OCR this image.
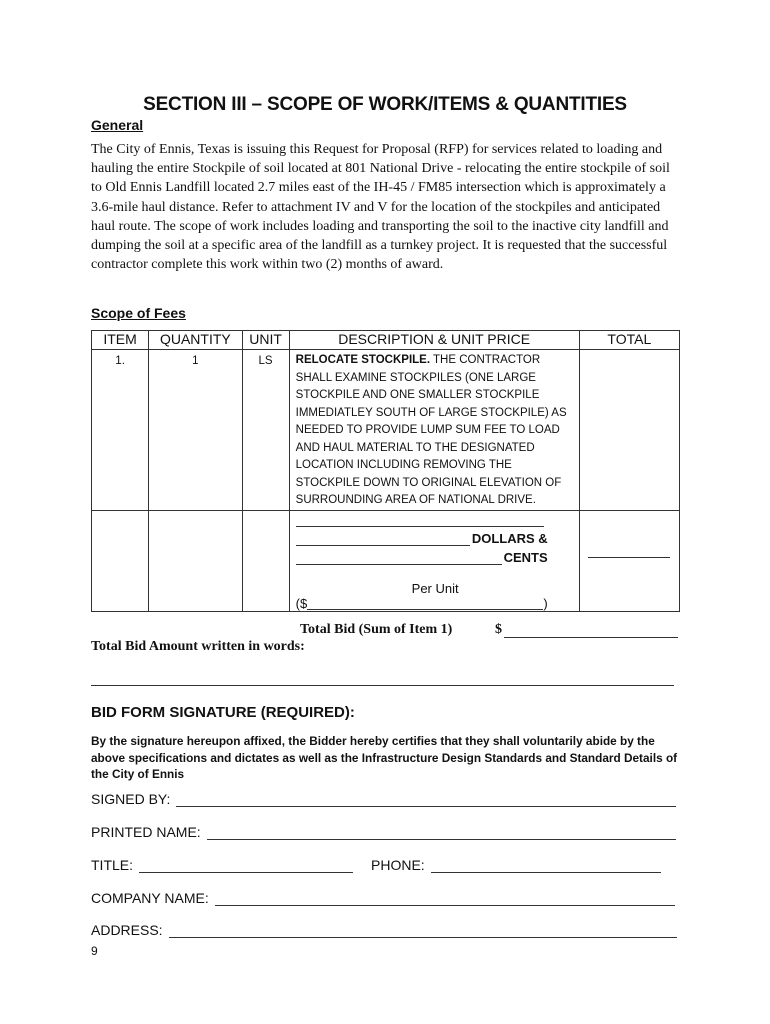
SECTION III – SCOPE OF WORK/ITEMS & QUANTITIES
General
The City of Ennis, Texas is issuing this Request for Proposal (RFP) for services related to loading and hauling the entire Stockpile of soil located at 801 National Drive - relocating the entire stockpile of soil to Old Ennis Landfill located 2.7 miles east of the IH-45 / FM85 intersection which is approximately a 3.6-mile haul distance. Refer to attachment IV and V for the location of the stockpiles and anticipated haul route. The scope of work includes loading and transporting the soil to the inactive city landfill and dumping the soil at a specific area of the landfill as a turnkey project. It is requested that the successful contractor complete this work within two (2) months of award.
Scope of Fees
ITEM	QUANTITY	UNIT	DESCRIPTION & UNIT PRICE	TOTAL
1.	1	LS	RELOCATE STOCKPILE. THE CONTRACTOR SHALL EXAMINE STOCKPILES (ONE LARGE STOCKPILE AND ONE SMALLER STOCKPILE IMMEDIATLEY SOUTH OF LARGE STOCKPILE) AS NEEDED TO PROVIDE LUMP SUM FEE TO LOAD AND HAUL MATERIAL TO THE DESIGNATED LOCATION INCLUDING REMOVING THE STOCKPILE DOWN TO ORIGINAL ELEVATION OF SURROUNDING AREA OF NATIONAL DRIVE.	

			DOLLARS &
CENTS
Per Unit
($ )	

Total Bid (Sum of Item 1)	$
Total Bid Amount written in words:
BID FORM SIGNATURE (REQUIRED):
By the signature hereupon affixed, the Bidder hereby certifies that they shall voluntarily abide by the above specifications and dictates as well as the Infrastructure Design Standards and Standard Details of the City of Ennis
SIGNED BY:
PRINTED NAME:
TITLE:	PHONE:
COMPANY NAME:
ADDRESS:
9
